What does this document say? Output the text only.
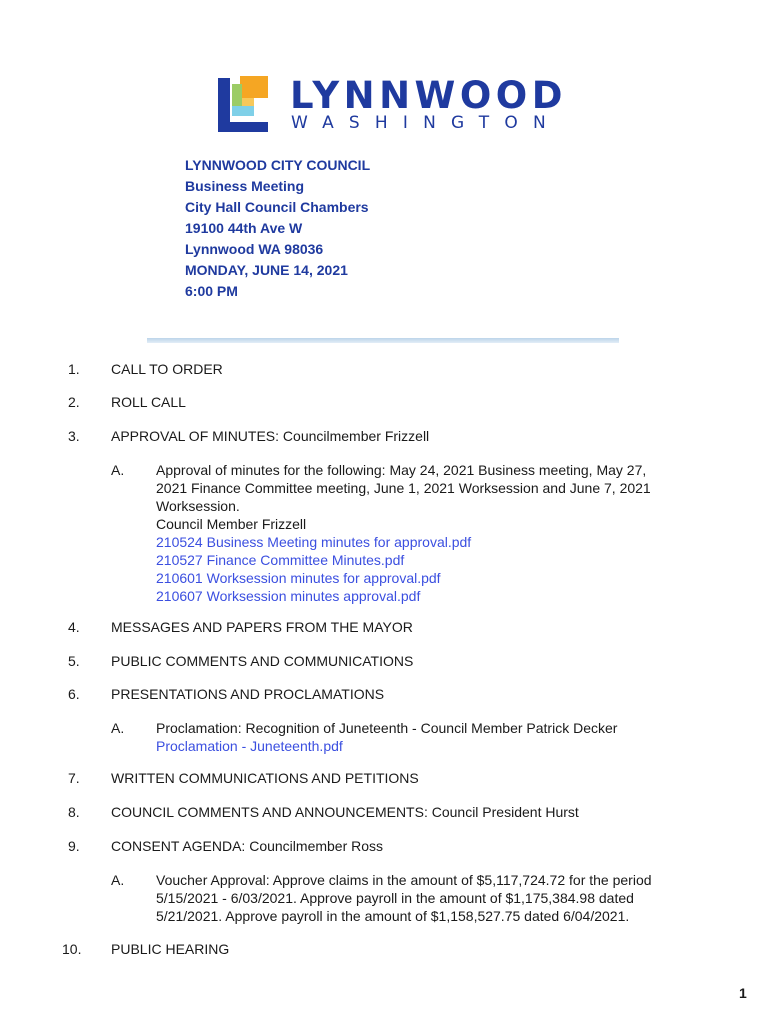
LYNNWOOD
WASHINGTON
LYNNWOOD CITY COUNCIL
Business Meeting
City Hall Council Chambers
19100 44th Ave W
Lynnwood WA 98036
MONDAY, JUNE 14, 2021
6:00 PM
1. CALL TO ORDER
2. ROLL CALL
3. APPROVAL OF MINUTES: Councilmember Frizzell
A. Approval of minutes for the following: May 24, 2021 Business meeting, May 27,
2021 Finance Committee meeting, June 1, 2021 Worksession and June 7, 2021
Worksession.
Council Member Frizzell
210524 Business Meeting minutes for approval.pdf
210527 Finance Committee Minutes.pdf
210601 Worksession minutes for approval.pdf
210607 Worksession minutes approval.pdf
4. MESSAGES AND PAPERS FROM THE MAYOR
5. PUBLIC COMMENTS AND COMMUNICATIONS
6. PRESENTATIONS AND PROCLAMATIONS
A. Proclamation: Recognition of Juneteenth - Council Member Patrick Decker
Proclamation - Juneteenth.pdf
7. WRITTEN COMMUNICATIONS AND PETITIONS
8. COUNCIL COMMENTS AND ANNOUNCEMENTS: Council President Hurst
9. CONSENT AGENDA: Councilmember Ross
A. Voucher Approval: Approve claims in the amount of $5,117,724.72 for the period
5/15/2021 - 6/03/2021. Approve payroll in the amount of $1,175,384.98 dated
5/21/2021. Approve payroll in the amount of $1,158,527.75 dated 6/04/2021.
10. PUBLIC HEARING
1
